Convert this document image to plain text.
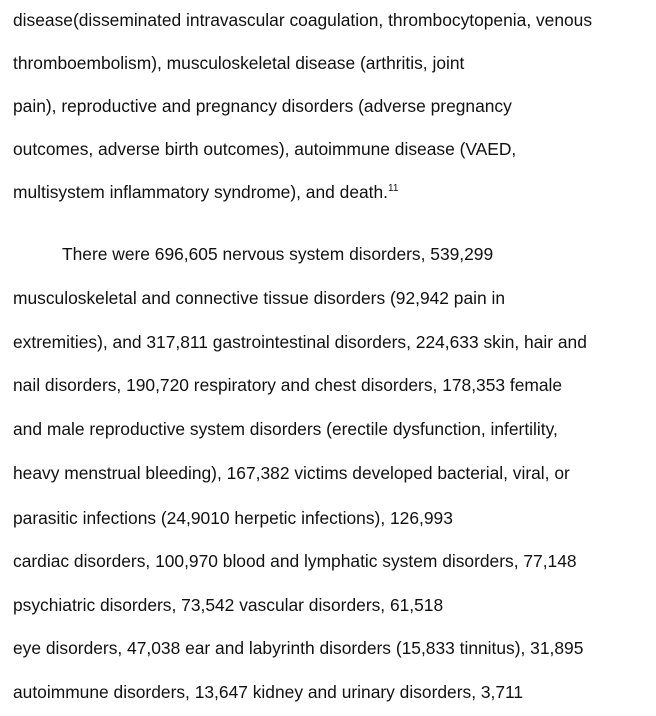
disease(disseminated intravascular coagulation, thrombocytopenia, venous
thromboembolism), musculoskeletal disease (arthritis, joint
pain), reproductive and pregnancy disorders (adverse pregnancy
outcomes, adverse birth outcomes), autoimmune disease (VAED,
multisystem inflammatory syndrome), and death.$^{11}$
There were 696,605 nervous system disorders, 539,299
musculoskeletal and connective tissue disorders (92,942 pain in
extremities), and 317,811 gastrointestinal disorders, 224,633 skin, hair and
nail disorders, 190,720 respiratory and chest disorders, 178,353 female
and male reproductive system disorders (erectile dysfunction, infertility,
heavy menstrual bleeding), 167,382 victims developed bacterial, viral, or
parasitic infections (24,9010 herpetic infections), 126,993
cardiac disorders, 100,970 blood and lymphatic system disorders, 77,148
psychiatric disorders, 73,542 vascular disorders, 61,518
eye disorders, 47,038 ear and labyrinth disorders (15,833 tinnitus), 31,895
autoimmune disorders, 13,647 kidney and urinary disorders, 3,711
